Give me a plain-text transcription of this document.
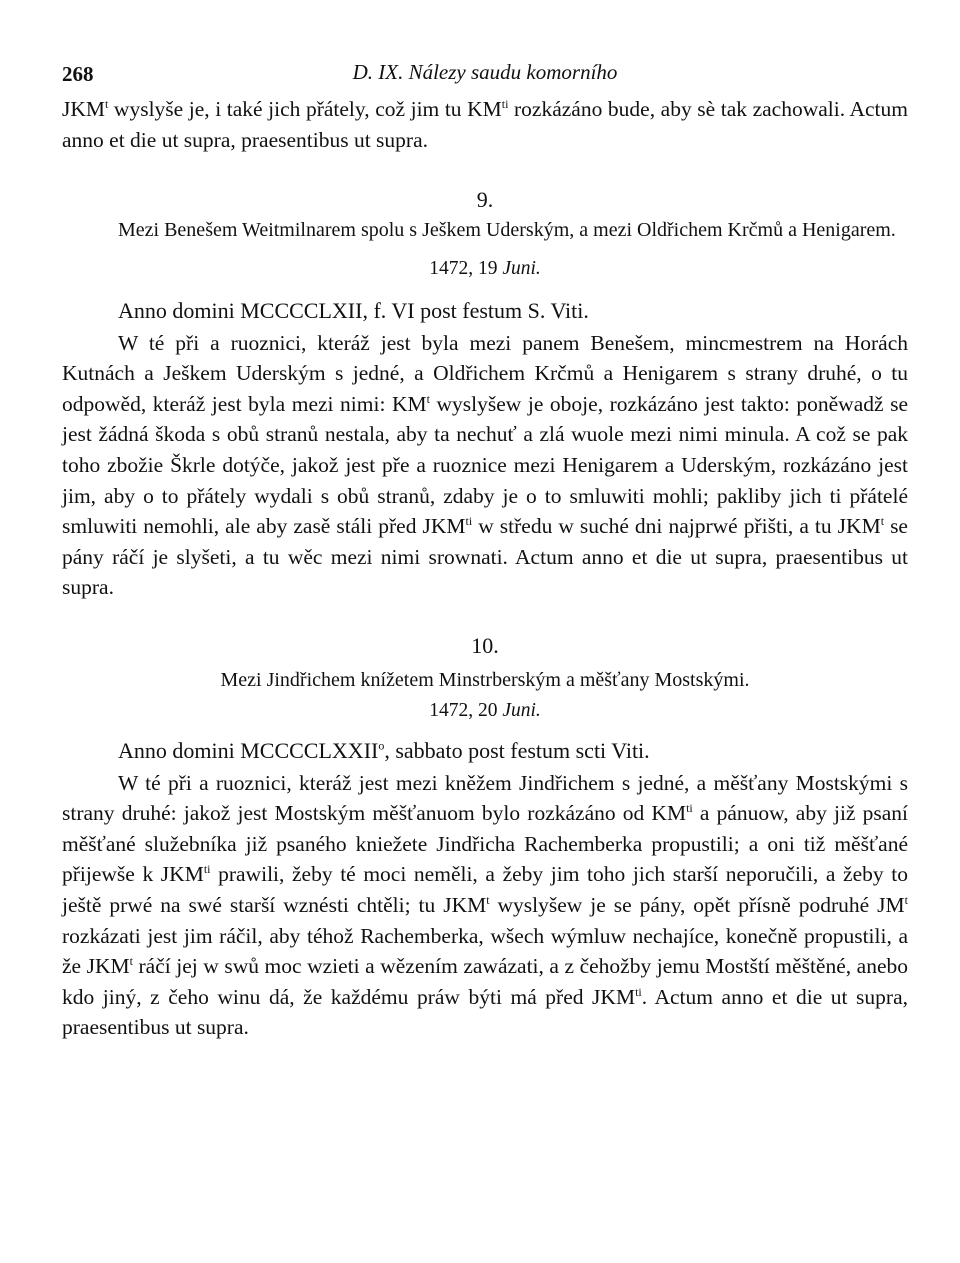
268	D. IX. Nálezy saudu komorního

JKM$^t$ wyslyše je, i také jich přátely, což jim tu $KM^{ti}$ rozkázáno bude, aby sè tak zachowali. Actum anno et die ut supra, praesentibus ut supra.

9.

Mezi Benešem Weitmilnarem spolu s Ješkem Uderským, a mezi Oldřichem Krčmů a Henigarem.

1472, 19 Juni.

Anno domini MCCCCLXII, f. VI post festum S. Viti.

W té při a ruoznici, kteráž jest byla mezi panem Benešem, mincmestrem na Horách Kutnách a Ješkem Uderským s jedné, a Oldřichem Krčmů a Henigarem s strany druhé, o tu odpowěd, kteráž jest byla mezi nimi: $KM^t$ wyslyšew je oboje, rozkázáno jest takto: poněwadž se jest žádná škoda s obů stranů nestala, aby ta nechuť a zlá wuole mezi nimi minula. A což se pak toho zbožie Škrle dotýče, jakož jest pře a ruoznice mezi Henigarem a Uderským, rozkázáno jest jim, aby o to přátely wydali s obů stranů, zdaby je o to smluwiti mohli; pakliby jich ti přátelé smluwiti nemohli, ale aby zasě stáli před $JKM^{ti}$ w středu w suché dni najprwé přišti, a tu JKM$^t$ se pány ráčí je slyšeti, a tu wěc mezi nimi srownati. Actum anno et die ut supra, praesentibus ut supra.

10.

Mezi Jindřichem knížetem Minstrberským a měšťany Mostskými.

1472, 20 Juni.

Anno domini MCCCCLXXII$^o$, sabbato post festum scti Viti.

W té při a ruoznici, kteráž jest mezi kněžem Jindřichem s jedné, a měšťany Mostskými s strany druhé: jakož jest Mostským měšťanuom bylo rozkázáno od $KM^{ti}$ a pánuow, aby již psaní měšťané služebníka již psaného kniežete Jindřicha Rachemberka propustili; a oni tiž měšťané přijewše k $JKM^{ti}$ prawili, žeby té moci neměli, a žeby jim toho jich starší neporučili, a žeby to ještě prwé na swé starší wznésti chtěli; tu JKM$^t$ wyslyšew je se pány, opět přísně podruhé $JM^t$ rozkázati jest jim ráčil, aby téhož Rachemberka, wšech wýmluw nechajíce, konečně propustili, a že JKM$^t$ ráčí jej w swů moc wzieti a wězením zawázati, a z čehožby jemu Mostští měštěné, anebo kdo jiný, z čeho winu dá, že každému práw býti má před $JKM^{ti}$. Actum anno et die ut supra, praesentibus ut supra.
